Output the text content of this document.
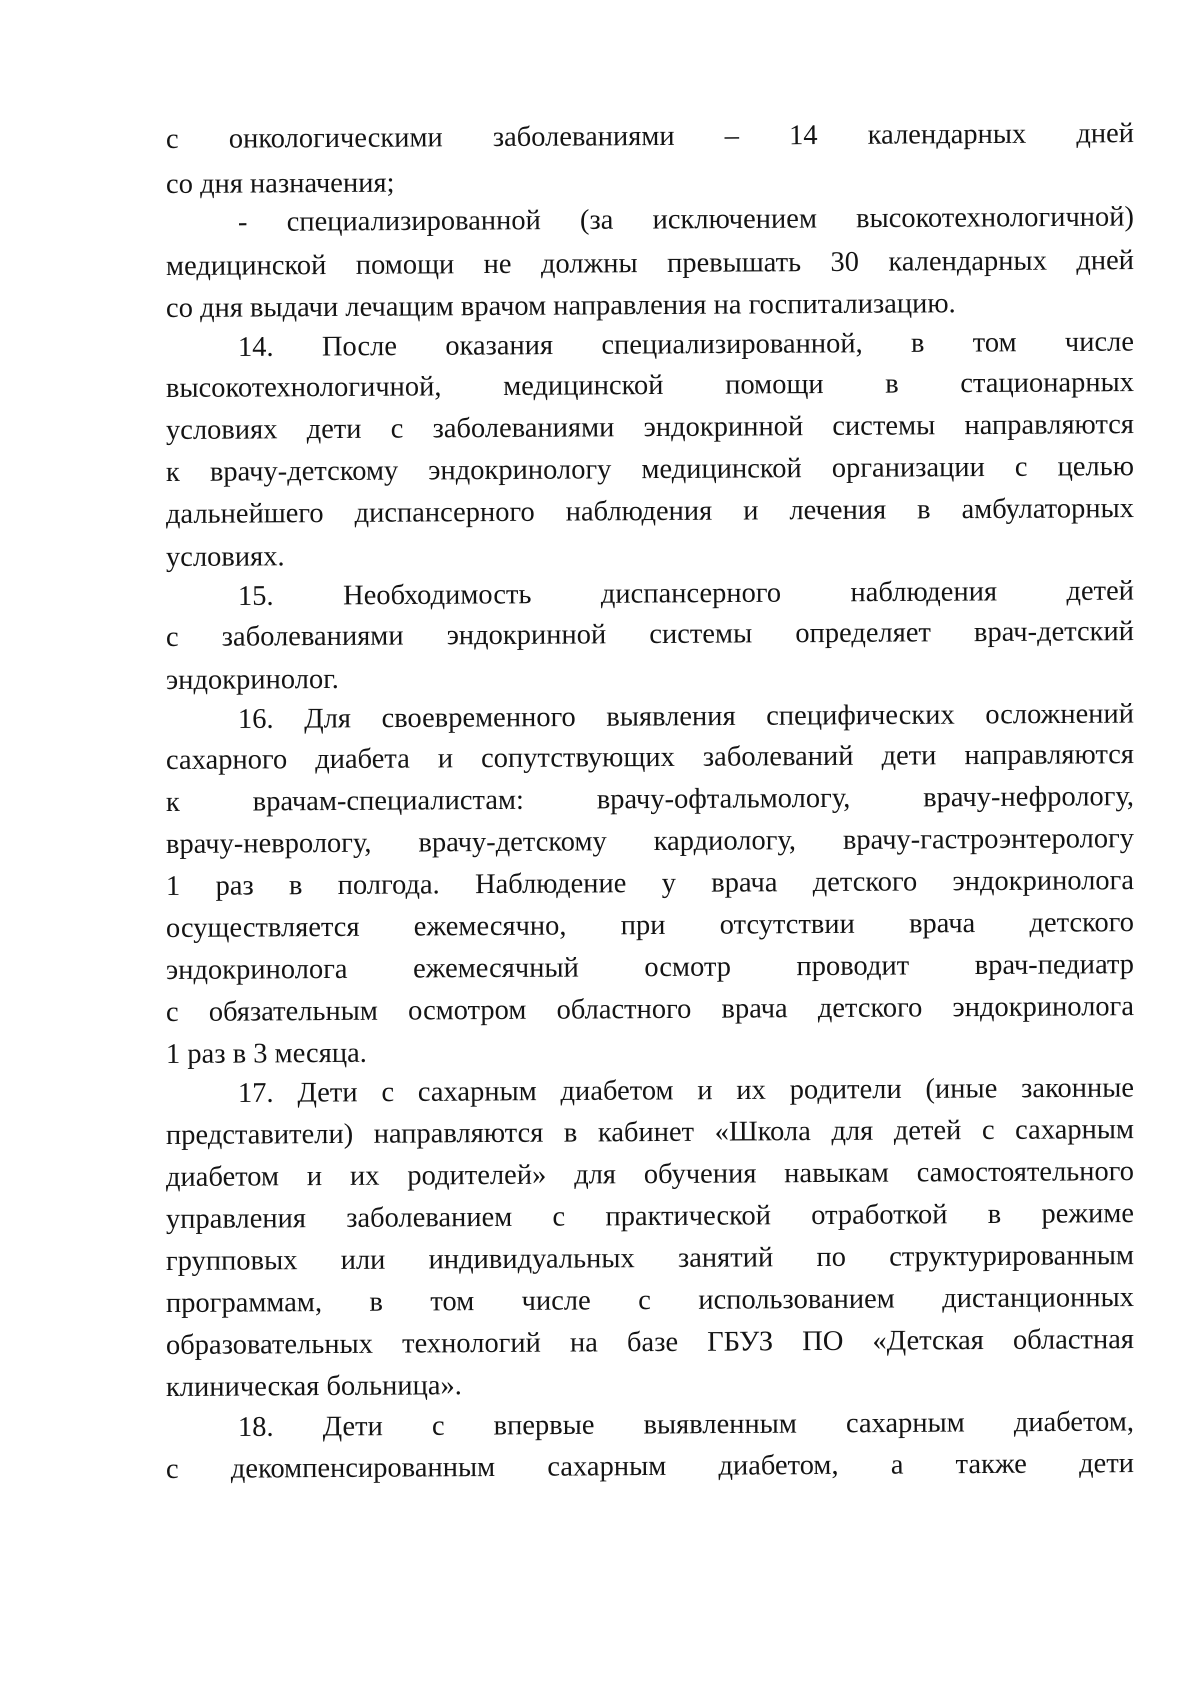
с онкологическими заболеваниями – 14 календарных дней
со дня назначения;
- специализированной (за исключением высокотехнологичной)
медицинской помощи не должны превышать 30 календарных дней
со дня выдачи лечащим врачом направления на госпитализацию.
14. После оказания специализированной, в том числе
высокотехнологичной, медицинской помощи в стационарных
условиях дети с заболеваниями эндокринной системы направляются
к врачу-детскому эндокринологу медицинской организации с целью
дальнейшего диспансерного наблюдения и лечения в амбулаторных
условиях.
15. Необходимость диспансерного наблюдения детей
с заболеваниями эндокринной системы определяет врач-детский
эндокринолог.
16. Для своевременного выявления специфических осложнений
сахарного диабета и сопутствующих заболеваний дети направляются
к врачам-специалистам: врачу-офтальмологу, врачу-нефрологу,
врачу-неврологу, врачу-детскому кардиологу, врачу-гастроэнтерологу
1 раз в полгода. Наблюдение у врача детского эндокринолога
осуществляется ежемесячно, при отсутствии врача детского
эндокринолога ежемесячный осмотр проводит врач-педиатр
с обязательным осмотром областного врача детского эндокринолога
1 раз в 3 месяца.
17. Дети с сахарным диабетом и их родители (иные законные
представители) направляются в кабинет «Школа для детей с сахарным
диабетом и их родителей» для обучения навыкам самостоятельного
управления заболеванием с практической отработкой в режиме
групповых или индивидуальных занятий по структурированным
программам, в том числе с использованием дистанционных
образовательных технологий на базе ГБУЗ ПО «Детская областная
клиническая больница».
18. Дети с впервые выявленным сахарным диабетом,
с декомпенсированным сахарным диабетом, а также дети
